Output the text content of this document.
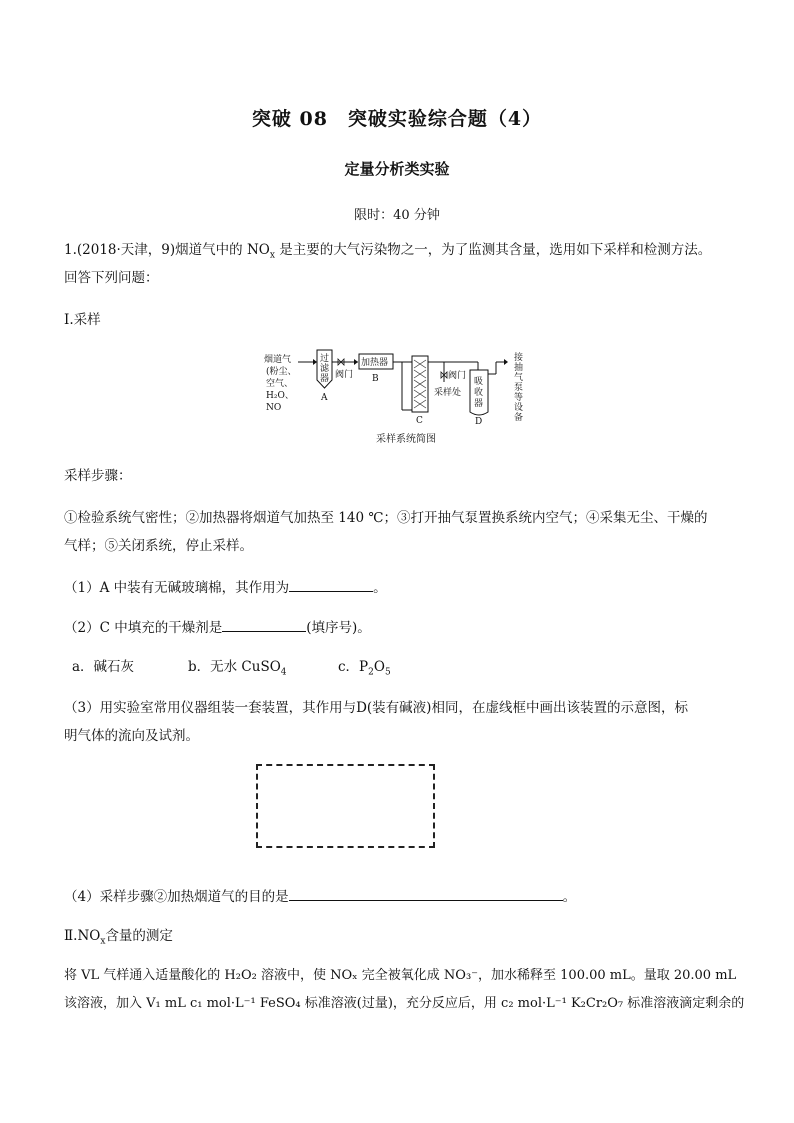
突破 08　突破实验综合题（4）
定量分析类实验
限时：40 分钟
1.(2018·天津，9)烟道气中的 $NO_x$ 是主要的大气污染物之一，为了监测其含量，选用如下采样和检测方法。
回答下列问题：
Ⅰ.采样
烟道气
(粉尘、
空气、
H₂O、
NO
过
滤
器
A
阀门
加热器
B
C
阀门
采样处
吸
收
器
D
接
抽
气
泵
等
设
备
采样系统简图
采样步骤：
①检验系统气密性；②加热器将烟道气加热至 140 ℃；③打开抽气泵置换系统内空气；④采集无尘、干燥的
气样；⑤关闭系统，停止采样。
（1）A 中装有无碱玻璃棉，其作用为	。
（2）C 中填充的干燥剂是	(填序号)。
a．碱石灰	b．无水 CuSO$_4$	c．$P_2O_5$
（3）用实验室常用仪器组装一套装置，其作用与D(装有碱液)相同，在虚线框中画出该装置的示意图，标
明气体的流向及试剂。
（4）采样步骤②加热烟道气的目的是	。
$Ⅱ.NO_x$含量的测定
将 VL 气样通入适量酸化的 H₂O₂ 溶液中，使 NOₓ 完全被氧化成 NO₃⁻，加水稀释至 100.00 mL。量取 20.00 mL
该溶液，加入 V₁ mL c₁ mol·L⁻¹ FeSO₄ 标准溶液(过量)，充分反应后，用 c₂ mol·L⁻¹ K₂Cr₂O₇ 标准溶液滴定剩余的
